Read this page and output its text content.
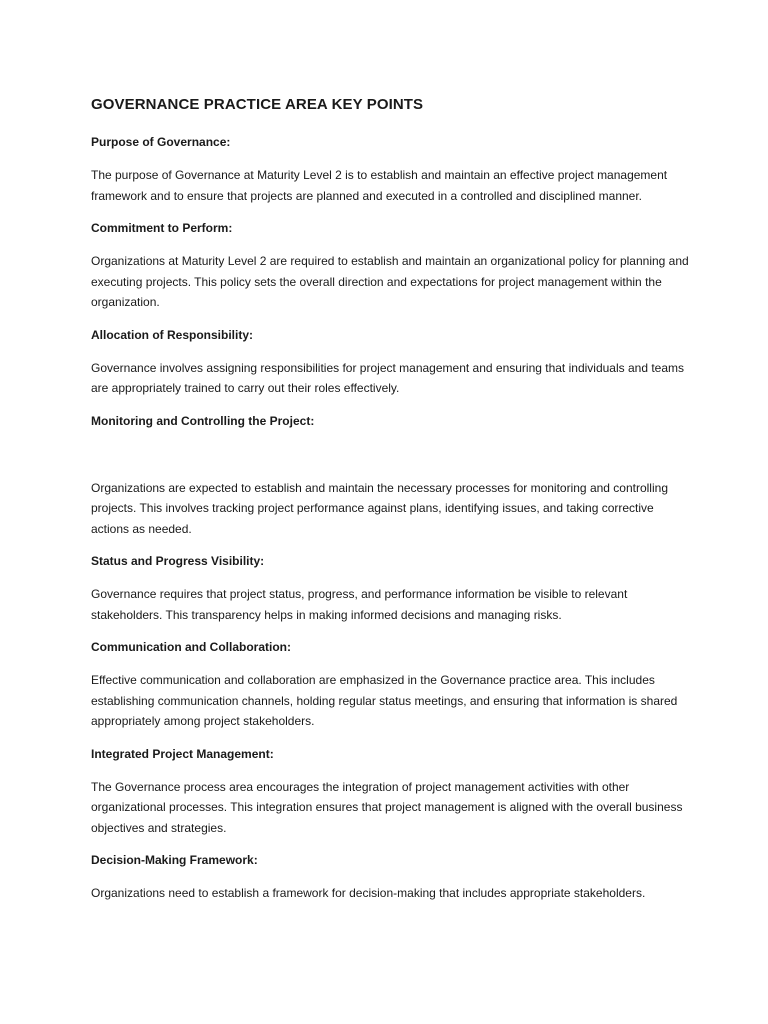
GOVERNANCE PRACTICE AREA KEY POINTS
Purpose of Governance:
The purpose of Governance at Maturity Level 2 is to establish and maintain an effective project management framework and to ensure that projects are planned and executed in a controlled and disciplined manner.
Commitment to Perform:
Organizations at Maturity Level 2 are required to establish and maintain an organizational policy for planning and executing projects. This policy sets the overall direction and expectations for project management within the organization.
Allocation of Responsibility:
Governance involves assigning responsibilities for project management and ensuring that individuals and teams are appropriately trained to carry out their roles effectively.
Monitoring and Controlling the Project:
Organizations are expected to establish and maintain the necessary processes for monitoring and controlling projects. This involves tracking project performance against plans, identifying issues, and taking corrective actions as needed.
Status and Progress Visibility:
Governance requires that project status, progress, and performance information be visible to relevant stakeholders. This transparency helps in making informed decisions and managing risks.
Communication and Collaboration:
Effective communication and collaboration are emphasized in the Governance practice area. This includes establishing communication channels, holding regular status meetings, and ensuring that information is shared appropriately among project stakeholders.
Integrated Project Management:
The Governance process area encourages the integration of project management activities with other organizational processes. This integration ensures that project management is aligned with the overall business objectives and strategies.
Decision-Making Framework:
Organizations need to establish a framework for decision-making that includes appropriate stakeholders.
